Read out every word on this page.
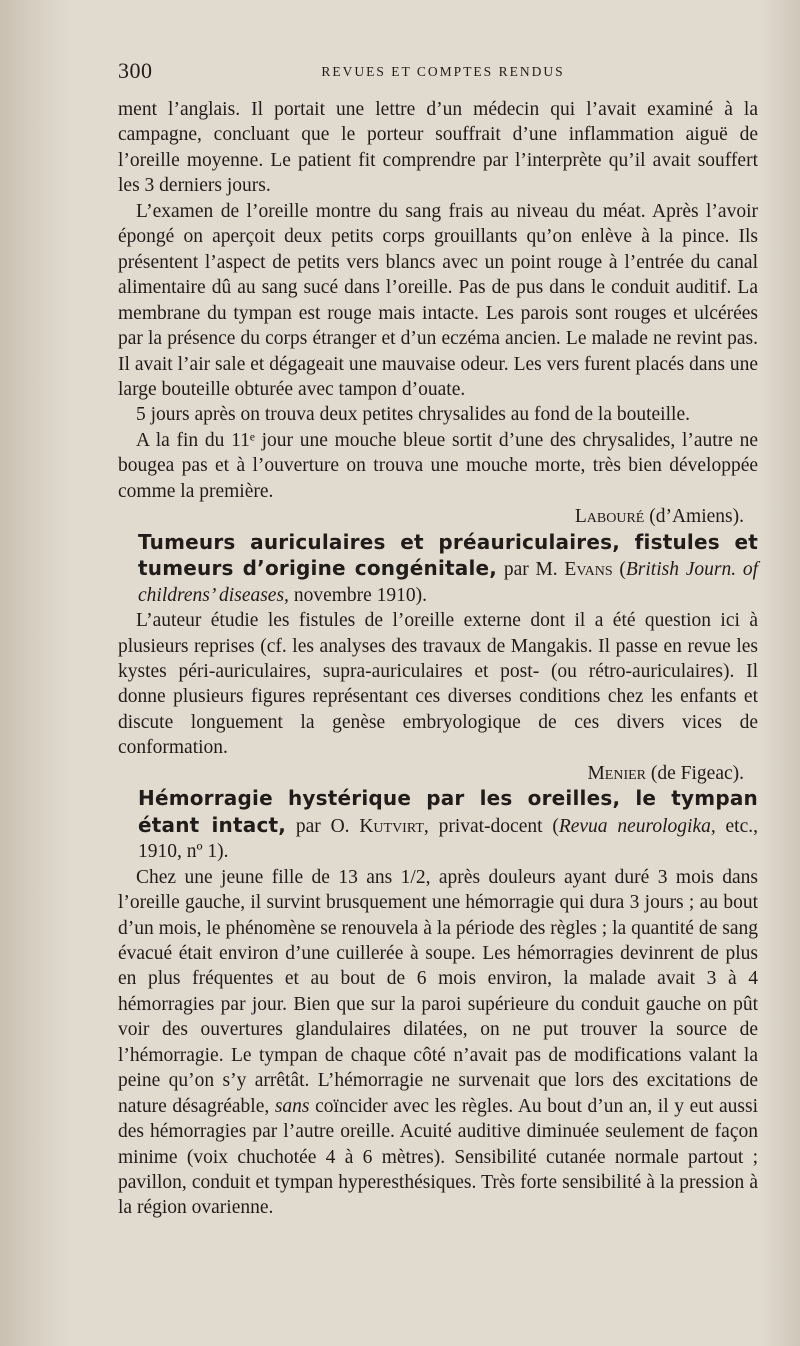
300	REVUES ET COMPTES RENDUS

ment l’anglais. Il portait une lettre d’un médecin qui l’avait examiné à la campagne, concluant que le porteur souffrait d’une inflammation aiguë de l’oreille moyenne. Le patient fit comprendre par l’interprète qu’il avait souffert les 3 derniers jours.

L’examen de l’oreille montre du sang frais au niveau du méat. Après l’avoir épongé on aperçoit deux petits corps grouillants qu’on enlève à la pince. Ils présentent l’aspect de petits vers blancs avec un point rouge à l’entrée du canal alimentaire dû au sang sucé dans l’oreille. Pas de pus dans le conduit auditif. La membrane du tympan est rouge mais intacte. Les parois sont rouges et ulcérées par la présence du corps étranger et d’un eczéma ancien. Le malade ne revint pas. Il avait l’air sale et dégageait une mauvaise odeur. Les vers furent placés dans une large bouteille obturée avec tampon d’ouate.

5 jours après on trouva deux petites chrysalides au fond de la bouteille.

A la fin du 11ᵉ jour une mouche bleue sortit d’une des chrysalides, l’autre ne bougea pas et à l’ouverture on trouva une mouche morte, très bien développée comme la première.

Labouré (d’Amiens).

Tumeurs auriculaires et préauriculaires, fistules et tumeurs d’origine congénitale, par M. Evans (British Journ. of childrens’ diseases, novembre 1910).

L’auteur étudie les fistules de l’oreille externe dont il a été question ici à plusieurs reprises (cf. les analyses des travaux de Mangakis. Il passe en revue les kystes péri-auriculaires, supra-auriculaires et post- (ou rétro-auriculaires). Il donne plusieurs figures représentant ces diverses conditions chez les enfants et discute longuement la genèse embryologique de ces divers vices de conformation.

Menier (de Figeac).

Hémorragie hystérique par les oreilles, le tympan étant intact, par O. Kutvirt, privat-docent (Revua neurologika, etc., 1910, nº 1).

Chez une jeune fille de 13 ans 1/2, après douleurs ayant duré 3 mois dans l’oreille gauche, il survint brusquement une hémorragie qui dura 3 jours ; au bout d’un mois, le phénomène se renouvela à la période des règles ; la quantité de sang évacué était environ d’une cuillerée à soupe. Les hémorragies devinrent de plus en plus fréquentes et au bout de 6 mois environ, la malade avait 3 à 4 hémorragies par jour. Bien que sur la paroi supérieure du conduit gauche on pût voir des ouvertures glandulaires dilatées, on ne put trouver la source de l’hémorragie. Le tympan de chaque côté n’avait pas de modifications valant la peine qu’on s’y arrêtât. L’hémorragie ne survenait que lors des excitations de nature désagréable, sans coïncider avec les règles. Au bout d’un an, il y eut aussi des hémorragies par l’autre oreille. Acuité auditive diminuée seulement de façon minime (voix chuchotée 4 à 6 mètres). Sensibilité cutanée normale partout ; pavillon, conduit et tympan hyperesthésiques. Très forte sensibilité à la pression à la région ovarienne.
